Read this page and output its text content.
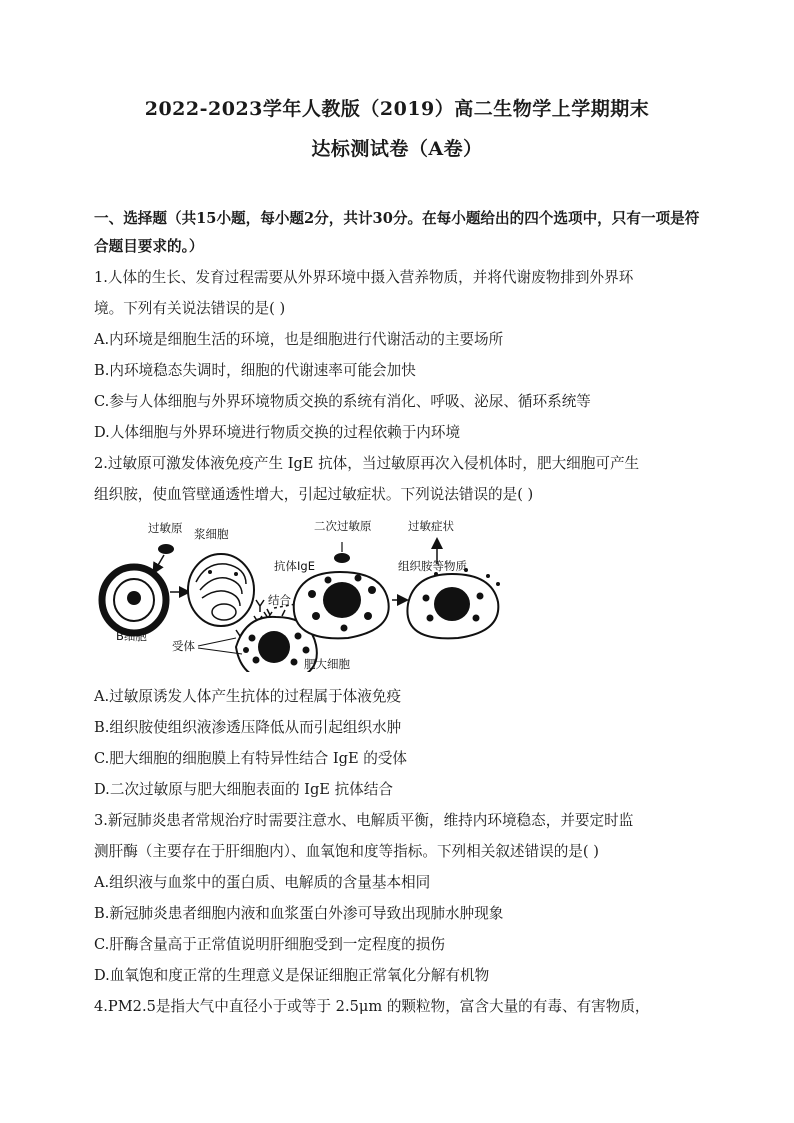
2022-2023学年人教版（2019）高二生物学上学期期末
达标测试卷（A卷）
一、选择题（共15小题，每小题2分，共计30分。在每小题给出的四个选项中，只有一项是符合题目要求的。）
1.人体的生长、发育过程需要从外界环境中摄入营养物质，并将代谢废物排到外界环
境。下列有关说法错误的是( )
A.内环境是细胞生活的环境，也是细胞进行代谢活动的主要场所
B.内环境稳态失调时，细胞的代谢速率可能会加快
C.参与人体细胞与外界环境物质交换的系统有消化、呼吸、泌尿、循环系统等
D.人体细胞与外界环境进行物质交换的过程依赖于内环境
2.过敏原可激发体液免疫产生 IgE 抗体，当过敏原再次入侵机体时，肥大细胞可产生
组织胺，使血管壁通透性增大，引起过敏症状。下列说法错误的是( )
过敏原 浆细胞
二次过敏原	过敏症状
抗体IgE	组织胺等物质
结合
B细胞
受体
肥大细胞
A.过敏原诱发人体产生抗体的过程属于体液免疫
B.组织胺使组织液渗透压降低从而引起组织水肿
C.肥大细胞的细胞膜上有特异性结合 IgE 的受体
D.二次过敏原与肥大细胞表面的 IgE 抗体结合
3.新冠肺炎患者常规治疗时需要注意水、电解质平衡，维持内环境稳态，并要定时监
测肝酶（主要存在于肝细胞内）、血氧饱和度等指标。下列相关叙述错误的是( )
A.组织液与血浆中的蛋白质、电解质的含量基本相同
B.新冠肺炎患者细胞内液和血浆蛋白外渗可导致出现肺水肿现象
C.肝酶含量高于正常值说明肝细胞受到一定程度的损伤
D.血氧饱和度正常的生理意义是保证细胞正常氧化分解有机物
4.PM2.5是指大气中直径小于或等于 2.5μm 的颗粒物，富含大量的有毒、有害物质，
